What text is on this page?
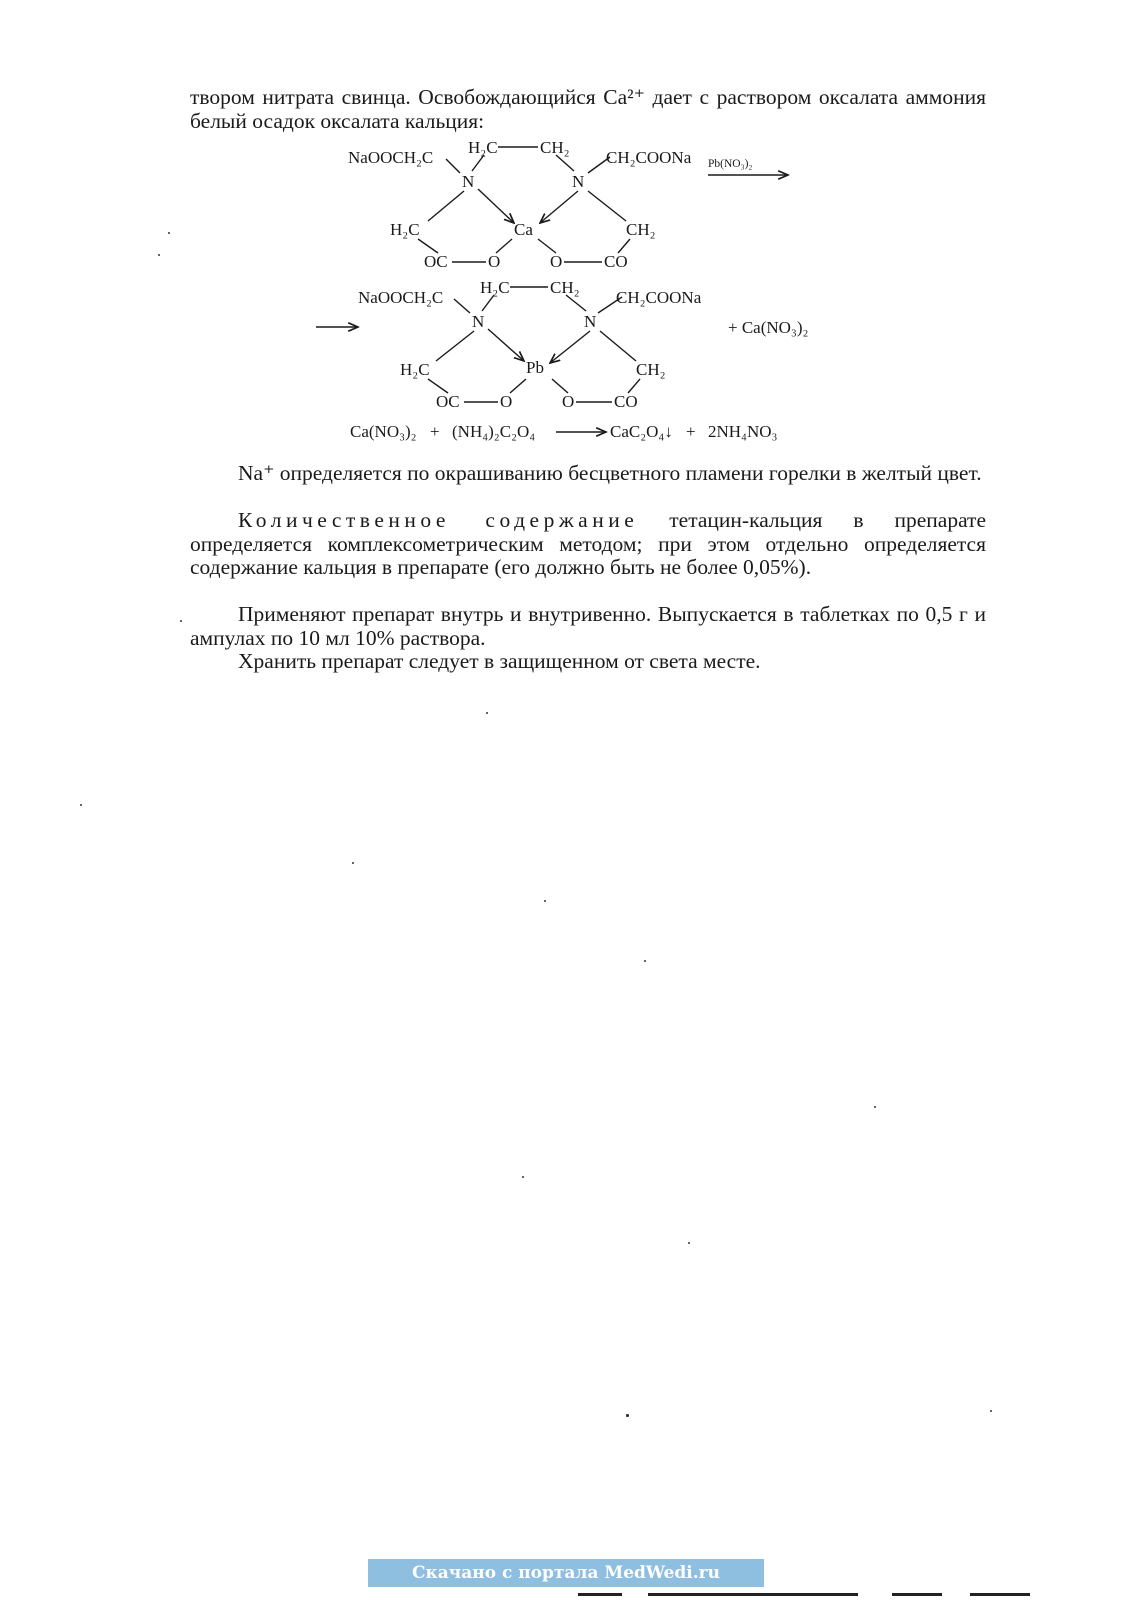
твором нитрата свинца. Освобождающийся Ca²⁺ дает с раствором оксалата аммония белый осадок оксалата кальция:

NaOOCH₂C
H₂C CH₂
CH₂COONa Pb(NO₃)₂
N	N
Ca
H₂C	CH₂
OC O	O CO
NaOOCH₂C
H₂C CH₂
CH₂COONa
+ Ca(NO₃)₂
N	N
Pb
H₂C	CH₂
OC O	O CO
Ca(NO₃)₂ + (NH₄)₂C₂O₄	CaC₂O₄↓ + 2NH₄NO₃

Na⁺ определяется по окрашиванию бесцветного пламени горелки в желтый цвет.

Количественное содержание тетацин-кальция в препарате определяется комплексометрическим методом; при этом отдельно определяется содержание кальция в препарате (его должно быть не более 0,05%).

Применяют препарат внутрь и внутривенно. Выпускается в таблетках по 0,5 г и ампулах по 10 мл 10% раствора.

Хранить препарат следует в защищенном от света месте.

Скачано с портала MedWedi.ru
